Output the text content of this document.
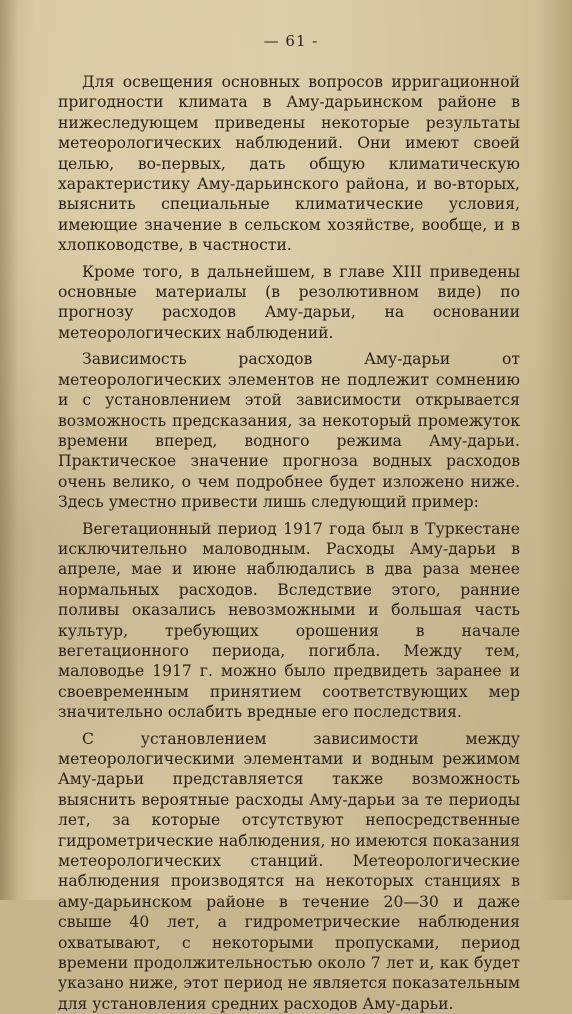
— 61 -

Для освещения основных вопросов ирригационной пригодности климата в Аму-дарьинском районе в нижеследующем приведены некоторые результаты метеорологических наблюдений. Они имеют своей целью, во-первых, дать общую климатическую характеристику Аму-дарьинского района, и во-вторых, выяснить специальные климатические условия, имеющие значение в сельском хозяйстве, вообще, и в хлопководстве, в частности.

Кроме того, в дальнейшем, в главе XIII приведены основные материалы (в резолютивном виде) по прогнозу расходов Аму-дарьи, на основании метеорологических наблюдений.

Зависимость расходов Аму-дарьи от метеорологических элементов не подлежит сомнению и с установлением этой зависимости открывается возможность предсказания, за некоторый промежуток времени вперед, водного режима Аму-дарьи. Практическое значение прогноза водных расходов очень велико, о чем подробнее будет изложено ниже. Здесь уместно привести лишь следующий пример:

Вегетационный период 1917 года был в Туркестане исключительно маловодным. Расходы Аму-дарьи в апреле, мае и июне наблюдались в два раза менее нормальных расходов. Вследствие этого, ранние поливы оказались невозможными и большая часть культур, требующих орошения в начале вегетационного периода, погибла. Между тем, маловодье 1917 г. можно было предвидеть заранее и своевременным принятием соответствующих мер значительно ослабить вредные его последствия.

С установлением зависимости между метеорологическими элементами и водным режимом Аму-дарьи представляется также возможность выяснить вероятные расходы Аму-дарьи за те периоды лет, за которые отсутствуют непосредственные гидрометрические наблюдения, но имеются показания метеорологических станций. Метеорологические наблюдения производятся на некоторых станциях в аму-дарьинском районе в течение 20—30 и даже свыше 40 лет, а гидрометрические наблюдения охватывают, с некоторыми пропусками, период времени продолжительностью около 7 лет и, как будет указано ниже, этот период не является показательным для установления средних расходов Аму-дарьи.
